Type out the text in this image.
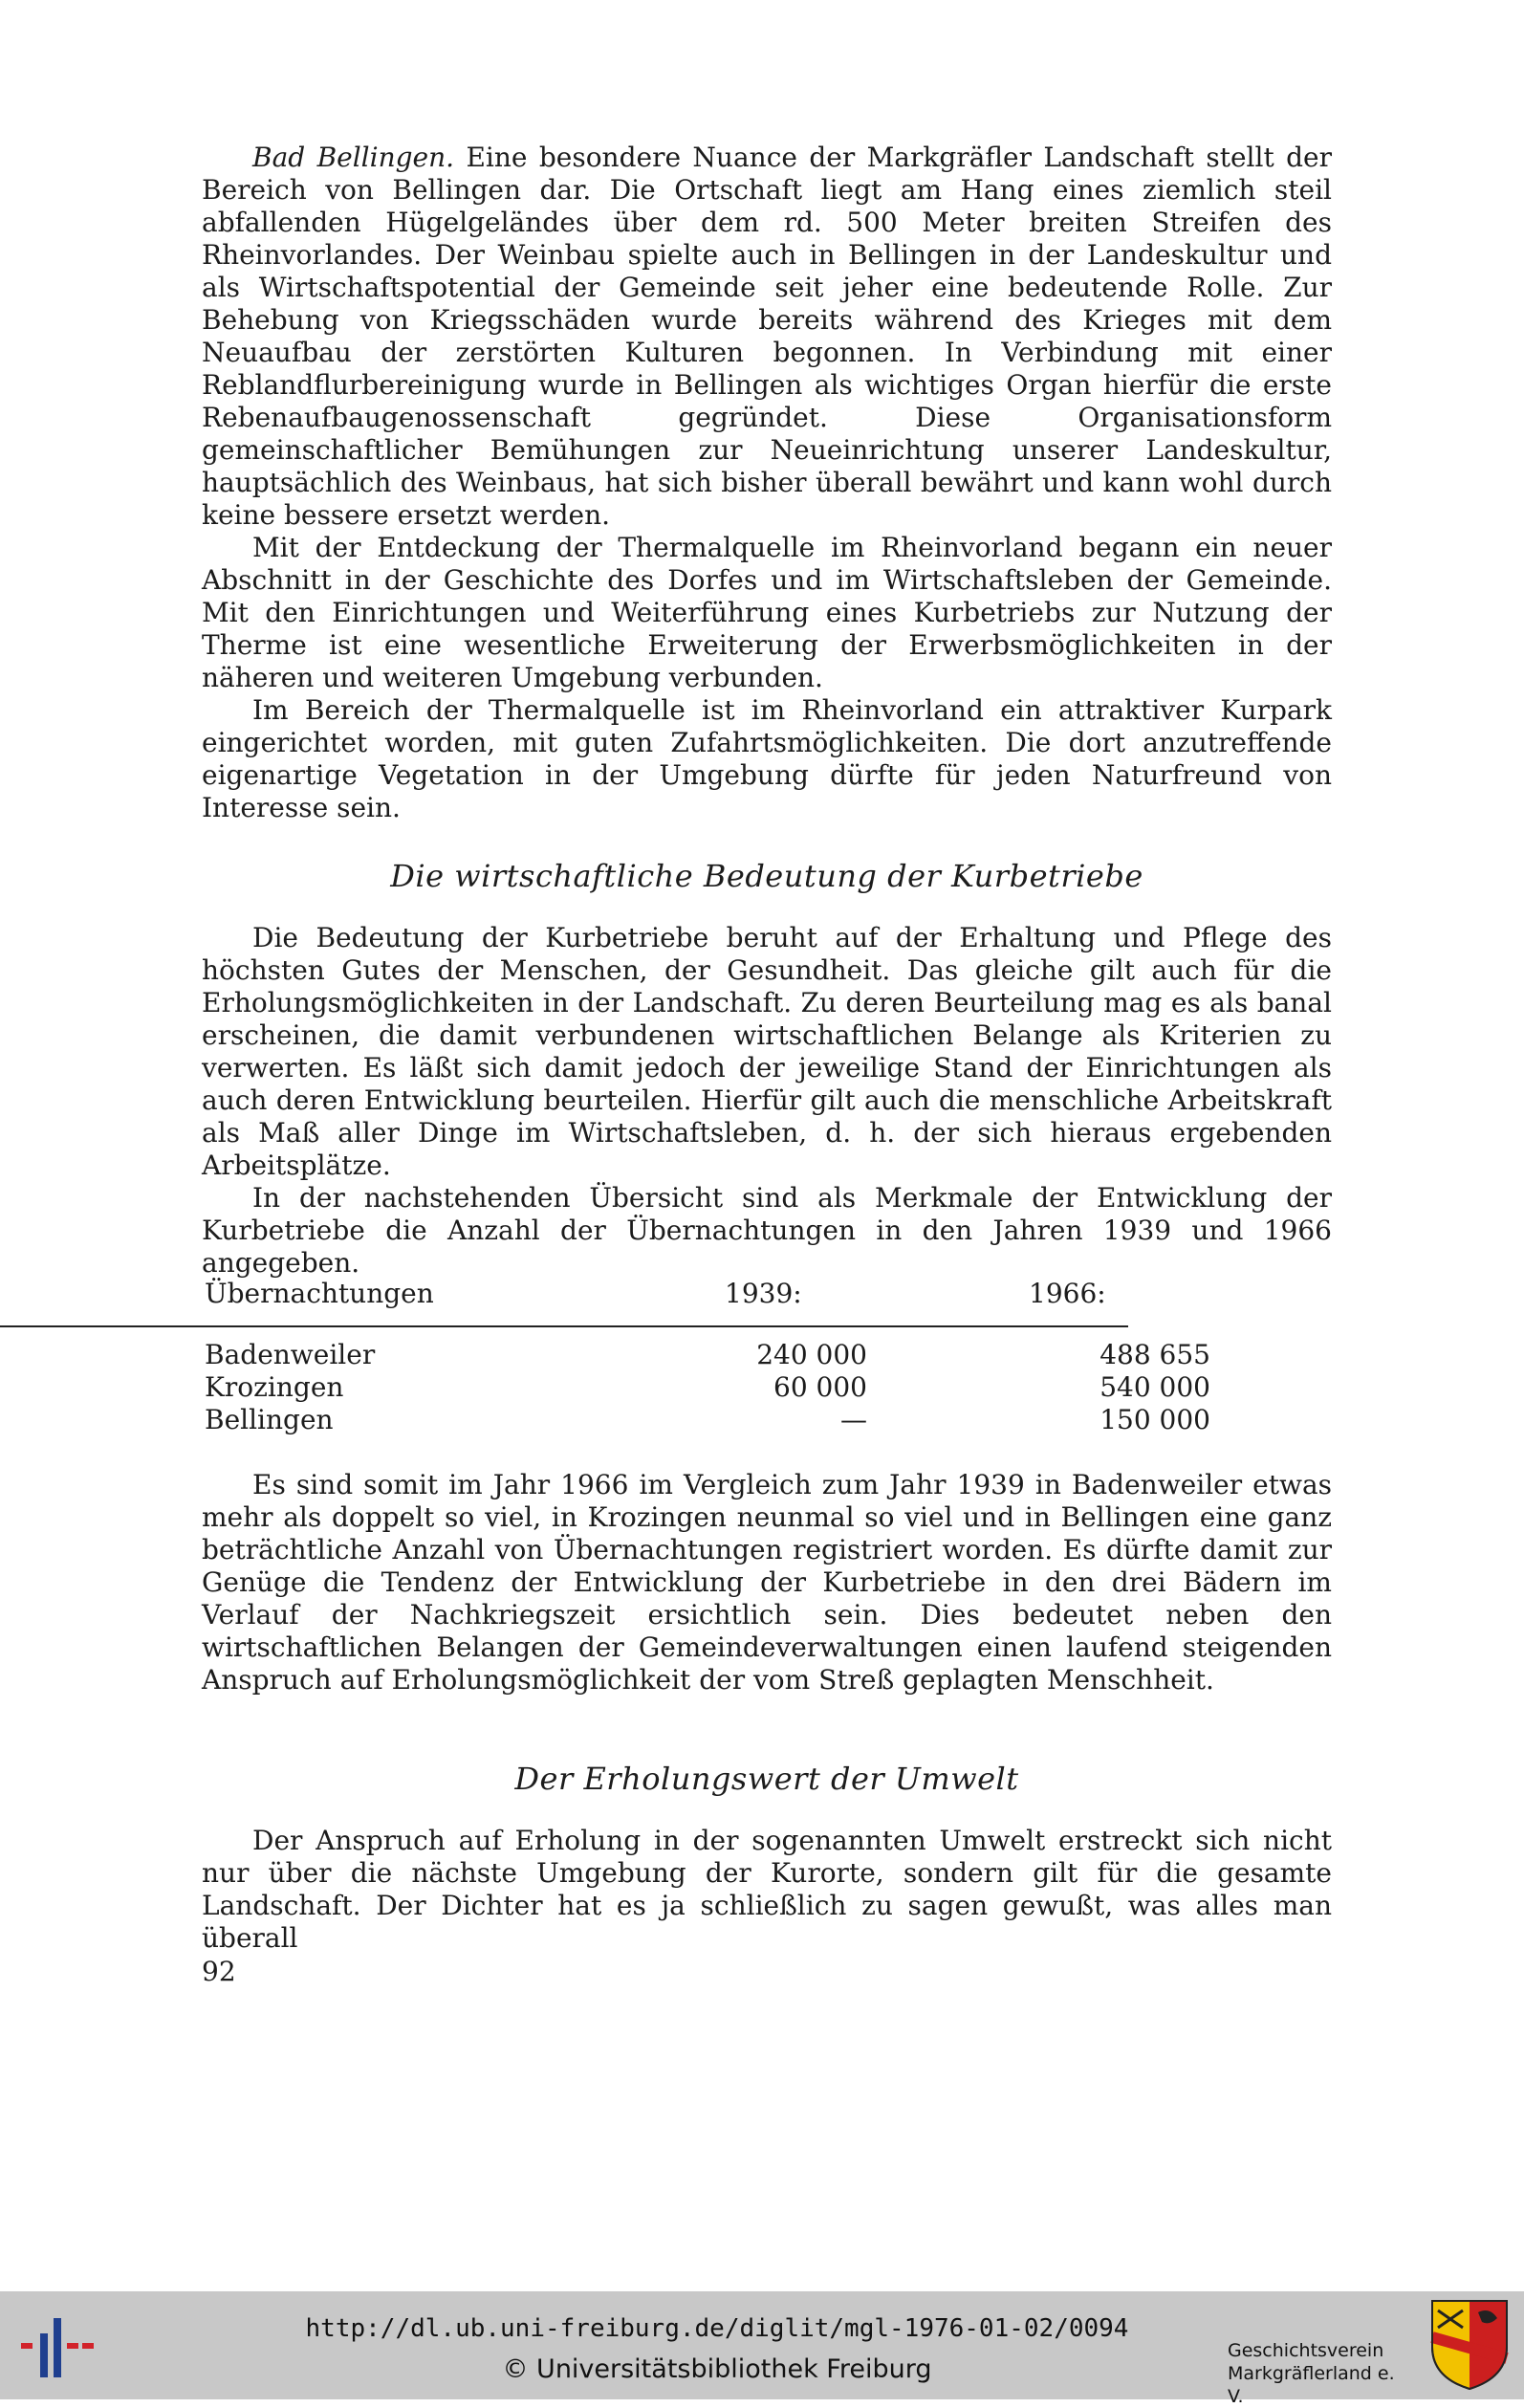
Bad Bellingen. Eine besondere Nuance der Markgräfler Landschaft stellt der Bereich von Bellingen dar. Die Ortschaft liegt am Hang eines ziemlich steil abfallenden Hügelgeländes über dem rd. 500 Meter breiten Streifen des Rheinvorlandes. Der Weinbau spielte auch in Bellingen in der Landeskultur und als Wirtschaftspotential der Gemeinde seit jeher eine bedeutende Rolle. Zur Behebung von Kriegsschäden wurde bereits während des Krieges mit dem Neuaufbau der zerstörten Kulturen begonnen. In Verbindung mit einer Reblandflurbereinigung wurde in Bellingen als wichtiges Organ hierfür die erste Rebenaufbaugenossenschaft gegründet. Diese Organisationsform gemeinschaftlicher Bemühungen zur Neueinrichtung unserer Landeskultur, hauptsächlich des Weinbaus, hat sich bisher überall bewährt und kann wohl durch keine bessere ersetzt werden.

Mit der Entdeckung der Thermalquelle im Rheinvorland begann ein neuer Abschnitt in der Geschichte des Dorfes und im Wirtschaftsleben der Gemeinde. Mit den Einrichtungen und Weiterführung eines Kurbetriebs zur Nutzung der Therme ist eine wesentliche Erweiterung der Erwerbsmöglichkeiten in der näheren und weiteren Umgebung verbunden.

Im Bereich der Thermalquelle ist im Rheinvorland ein attraktiver Kurpark eingerichtet worden, mit guten Zufahrtsmöglichkeiten. Die dort anzutreffende eigenartige Vegetation in der Umgebung dürfte für jeden Naturfreund von Interesse sein.

Die wirtschaftliche Bedeutung der Kurbetriebe

Die Bedeutung der Kurbetriebe beruht auf der Erhaltung und Pflege des höchsten Gutes der Menschen, der Gesundheit. Das gleiche gilt auch für die Erholungsmöglichkeiten in der Landschaft. Zu deren Beurteilung mag es als banal erscheinen, die damit verbundenen wirtschaftlichen Belange als Kriterien zu verwerten. Es läßt sich damit jedoch der jeweilige Stand der Einrichtungen als auch deren Entwicklung beurteilen. Hierfür gilt auch die menschliche Arbeitskraft als Maß aller Dinge im Wirtschaftsleben, d. h. der sich hieraus ergebenden Arbeitsplätze.

In der nachstehenden Übersicht sind als Merkmale der Entwicklung der Kurbetriebe die Anzahl der Übernachtungen in den Jahren 1939 und 1966 angegeben.

Übernachtungen	1939:	1966:
Badenweiler	240 000	488 655
Krozingen	60 000	540 000
Bellingen	—	150 000

Es sind somit im Jahr 1966 im Vergleich zum Jahr 1939 in Badenweiler etwas mehr als doppelt so viel, in Krozingen neunmal so viel und in Bellingen eine ganz beträchtliche Anzahl von Übernachtungen registriert worden. Es dürfte damit zur Genüge die Tendenz der Entwicklung der Kurbetriebe in den drei Bädern im Verlauf der Nachkriegszeit ersichtlich sein. Dies bedeutet neben den wirtschaftlichen Belangen der Gemeindeverwaltungen einen laufend steigenden Anspruch auf Erholungsmöglichkeit der vom Streß geplagten Menschheit.

Der Erholungswert der Umwelt

Der Anspruch auf Erholung in der sogenannten Umwelt erstreckt sich nicht nur über die nächste Umgebung der Kurorte, sondern gilt für die gesamte Landschaft. Der Dichter hat es ja schließlich zu sagen gewußt, was alles man überall

92
http://dl.ub.uni-freiburg.de/diglit/mgl-1976-01-02/0094
© Universitätsbibliothek Freiburg
Geschichtsverein
Markgräflerland e. V.
